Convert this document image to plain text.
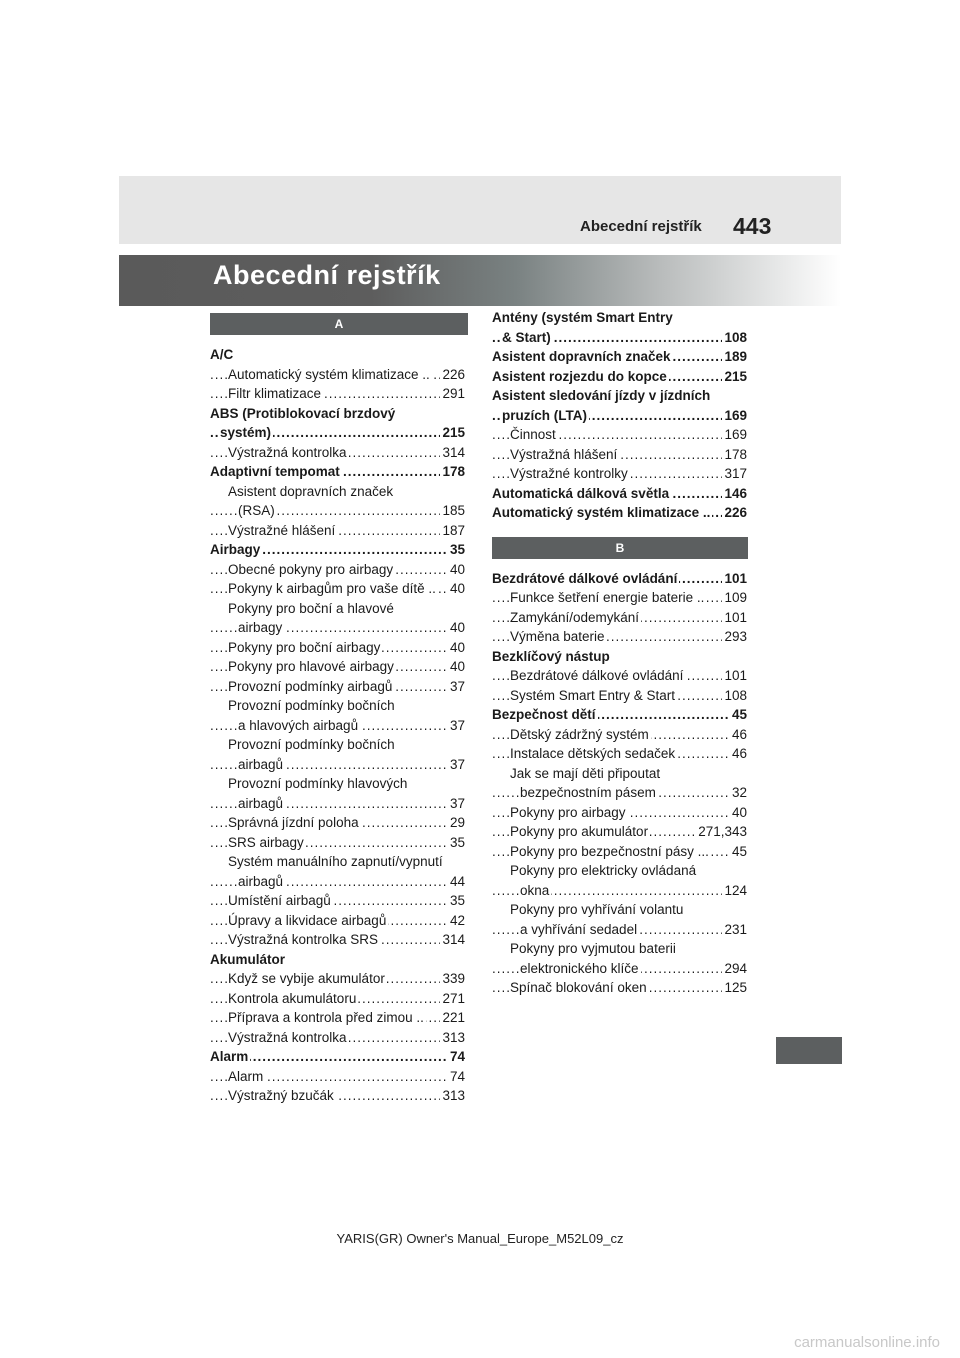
Abecední rejstřík 443
Abecední rejstřík
A
A/C
Automatický systém klimatizace .. 226
.....
Filtr klimatizace	291
.....
ABS (Protiblokovací brzdový
systém)	215
.....
Výstražná kontrolka	314
.....
Adaptivní tempomat	178
.....
Asistent dopravních značek
(RSA)	185
.....
Výstražné hlášení	187
.....
Airbagy	35
.....
Obecné pokyny pro airbagy	40
.....
Pokyny k airbagům pro vaše dítě .. 40
.....
Pokyny pro boční a hlavové
airbagy	40
.....
Pokyny pro boční airbagy	40
.....
Pokyny pro hlavové airbagy	40
.....
Provozní podmínky airbagů	37
.....
Provozní podmínky bočních
a hlavových airbagů	37
.....
Provozní podmínky bočních
airbagů	37
.....
Provozní podmínky hlavových
airbagů	37
.....
Správná jízdní poloha	29
.....
SRS airbagy	35
.....
Systém manuálního zapnutí/vypnutí
airbagů	44
.....
Umístění airbagů	35
.....
Úpravy a likvidace airbagů	42
.....
Výstražná kontrolka SRS	314
.....
Akumulátor
Když se vybije akumulátor	339
.....
Kontrola akumulátoru	271
.....
Příprava a kontrola před zimou .. 221
.....
Výstražná kontrolka	313
.....
Alarm	74
.....
Alarm	74
.....
Výstražný bzučák	313
.....
Antény (systém Smart Entry
& Start)	108
.....
Asistent dopravních značek	189
.....
Asistent rozjezdu do kopce	215
.....
Asistent sledování jízdy v jízdních
pruzích (LTA)	169
.....
Činnost	169
.....
Výstražná hlášení	178
.....
Výstražné kontrolky	317
.....
Automatická dálková světla	146
.....
Automatický systém klimatizace .. 226
.....
B
Bezdrátové dálkové ovládání	101
.....
Funkce šetření energie baterie .. 109
.....
Zamykání/odemykání	101
.....
Výměna baterie	293
.....
Bezklíčový nástup
Bezdrátové dálkové ovládání	101
.....
Systém Smart Entry & Start	108
.....
Bezpečnost dětí	45
.....
Dětský zádržný systém	46
.....
Instalace dětských sedaček	46
.....
Jak se mají děti připoutat
bezpečnostním pásem	32
.....
Pokyny pro airbagy	40
.....
Pokyny pro akumulátor	271,343
.....
Pokyny pro bezpečnostní pásy ... 45
.....
Pokyny pro elektricky ovládaná
okna	124
.....
Pokyny pro vyhřívání volantu
a vyhřívání sedadel	231
.....
Pokyny pro vyjmutou baterii
elektronického klíče	294
.....
Spínač blokování oken	125
.....
YARIS(GR) Owner's Manual_Europe_M52L09_cz
carmanualsonline.info
